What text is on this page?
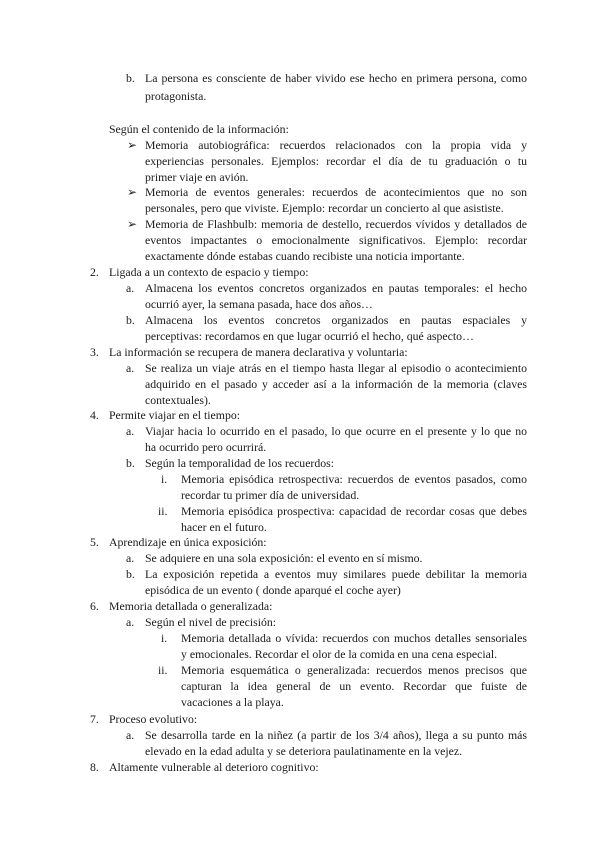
b. La persona es consciente de haber vivido ese hecho en primera persona, como
protagonista.
Según el contenido de la información:
➢ Memoria autobiográfica: recuerdos relacionados con la propia vida y
experiencias personales. Ejemplos: recordar el día de tu graduación o tu
primer viaje en avión.
➢ Memoria de eventos generales: recuerdos de acontecimientos que no son
personales, pero que viviste. Ejemplo: recordar un concierto al que asististe.
➢ Memoria de Flashbulb: memoria de destello, recuerdos vívidos y detallados de
eventos impactantes o emocionalmente significativos. Ejemplo: recordar
exactamente dónde estabas cuando recibiste una noticia importante.
2. Ligada a un contexto de espacio y tiempo:
a. Almacena los eventos concretos organizados en pautas temporales: el hecho
ocurrió ayer, la semana pasada, hace dos años…
b. Almacena los eventos concretos organizados en pautas espaciales y
perceptivas: recordamos en que lugar ocurrió el hecho, qué aspecto…
3. La información se recupera de manera declarativa y voluntaria:
a. Se realiza un viaje atrás en el tiempo hasta llegar al episodio o acontecimiento
adquirido en el pasado y acceder así a la información de la memoria (claves
contextuales).
4. Permite viajar en el tiempo:
a. Viajar hacia lo ocurrido en el pasado, lo que ocurre en el presente y lo que no
ha ocurrido pero ocurrirá.
b. Según la temporalidad de los recuerdos:
i. Memoria episódica retrospectiva: recuerdos de eventos pasados, como
recordar tu primer día de universidad.
ii. Memoria episódica prospectiva: capacidad de recordar cosas que debes
hacer en el futuro.
5. Aprendizaje en única exposición:
a. Se adquiere en una sola exposición: el evento en sí mismo.
b. La exposición repetida a eventos muy similares puede debilitar la memoria
episódica de un evento ( donde aparqué el coche ayer)
6. Memoria detallada o generalizada:
a. Según el nivel de precisión:
i. Memoria detallada o vívida: recuerdos con muchos detalles sensoriales
y emocionales. Recordar el olor de la comida en una cena especial.
ii. Memoria esquemática o generalizada: recuerdos menos precisos que
capturan la idea general de un evento. Recordar que fuiste de
vacaciones a la playa.
7. Proceso evolutivo:
a. Se desarrolla tarde en la niñez (a partir de los 3/4 años), llega a su punto más
elevado en la edad adulta y se deteriora paulatinamente en la vejez.
8. Altamente vulnerable al deterioro cognitivo:
